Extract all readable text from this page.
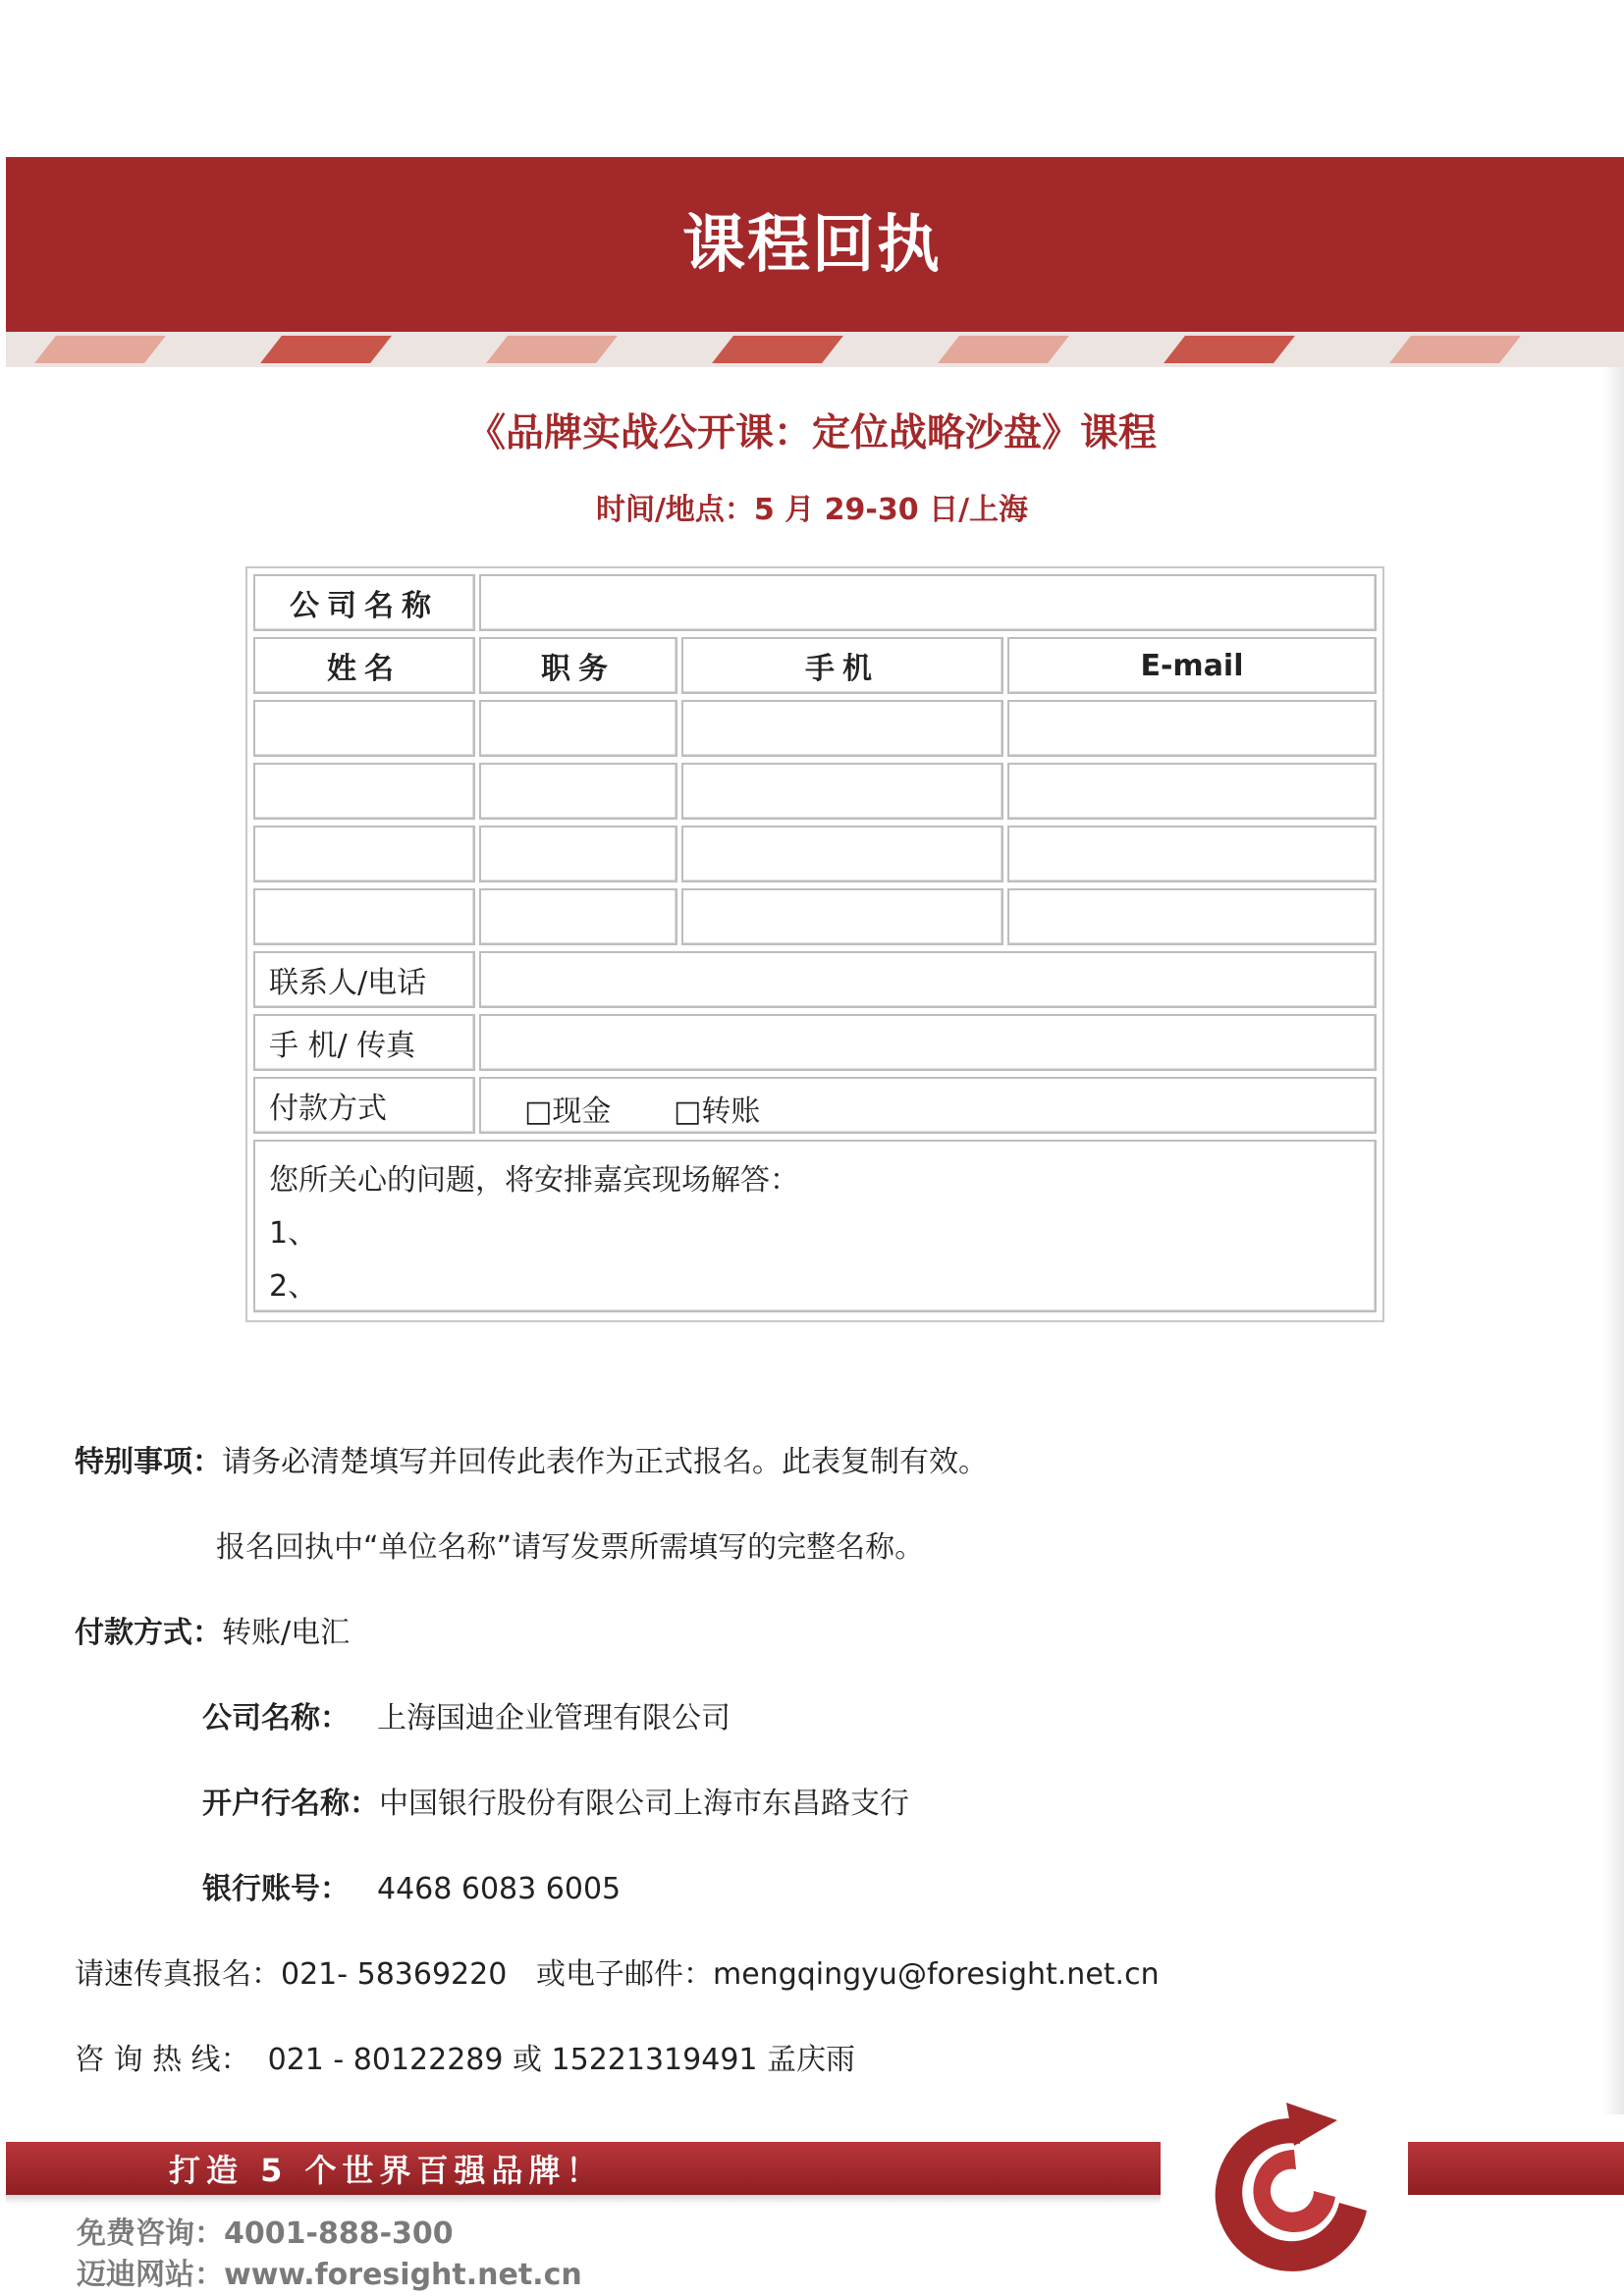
课程回执
《品牌实战公开课：定位战略沙盘》课程
时间/地点：5 月 29-30 日/上海
公司名称
姓名	职务	手机	E-mail
联系人/电话
手 机/ 传真
付款方式	□现金 □转账
您所关心的问题，将安排嘉宾现场解答：
1、
2、
特别事项：请务必清楚填写并回传此表作为正式报名。此表复制有效。
报名回执中“单位名称”请写发票所需填写的完整名称。
付款方式：转账/电汇
公司名称： 上海国迪企业管理有限公司
开户行名称：中国银行股份有限公司上海市东昌路支行
银行账号： 4468 6083 6005
请速传真报名：021- 58369220 或电子邮件：mengqingyu@foresight.net.cn
咨 询 热 线： 021 - 80122289 或 15221319491 孟庆雨
打造 5 个世界百强品牌！
免费咨询：4001-888-300
迈迪网站：www.foresight.net.cn
